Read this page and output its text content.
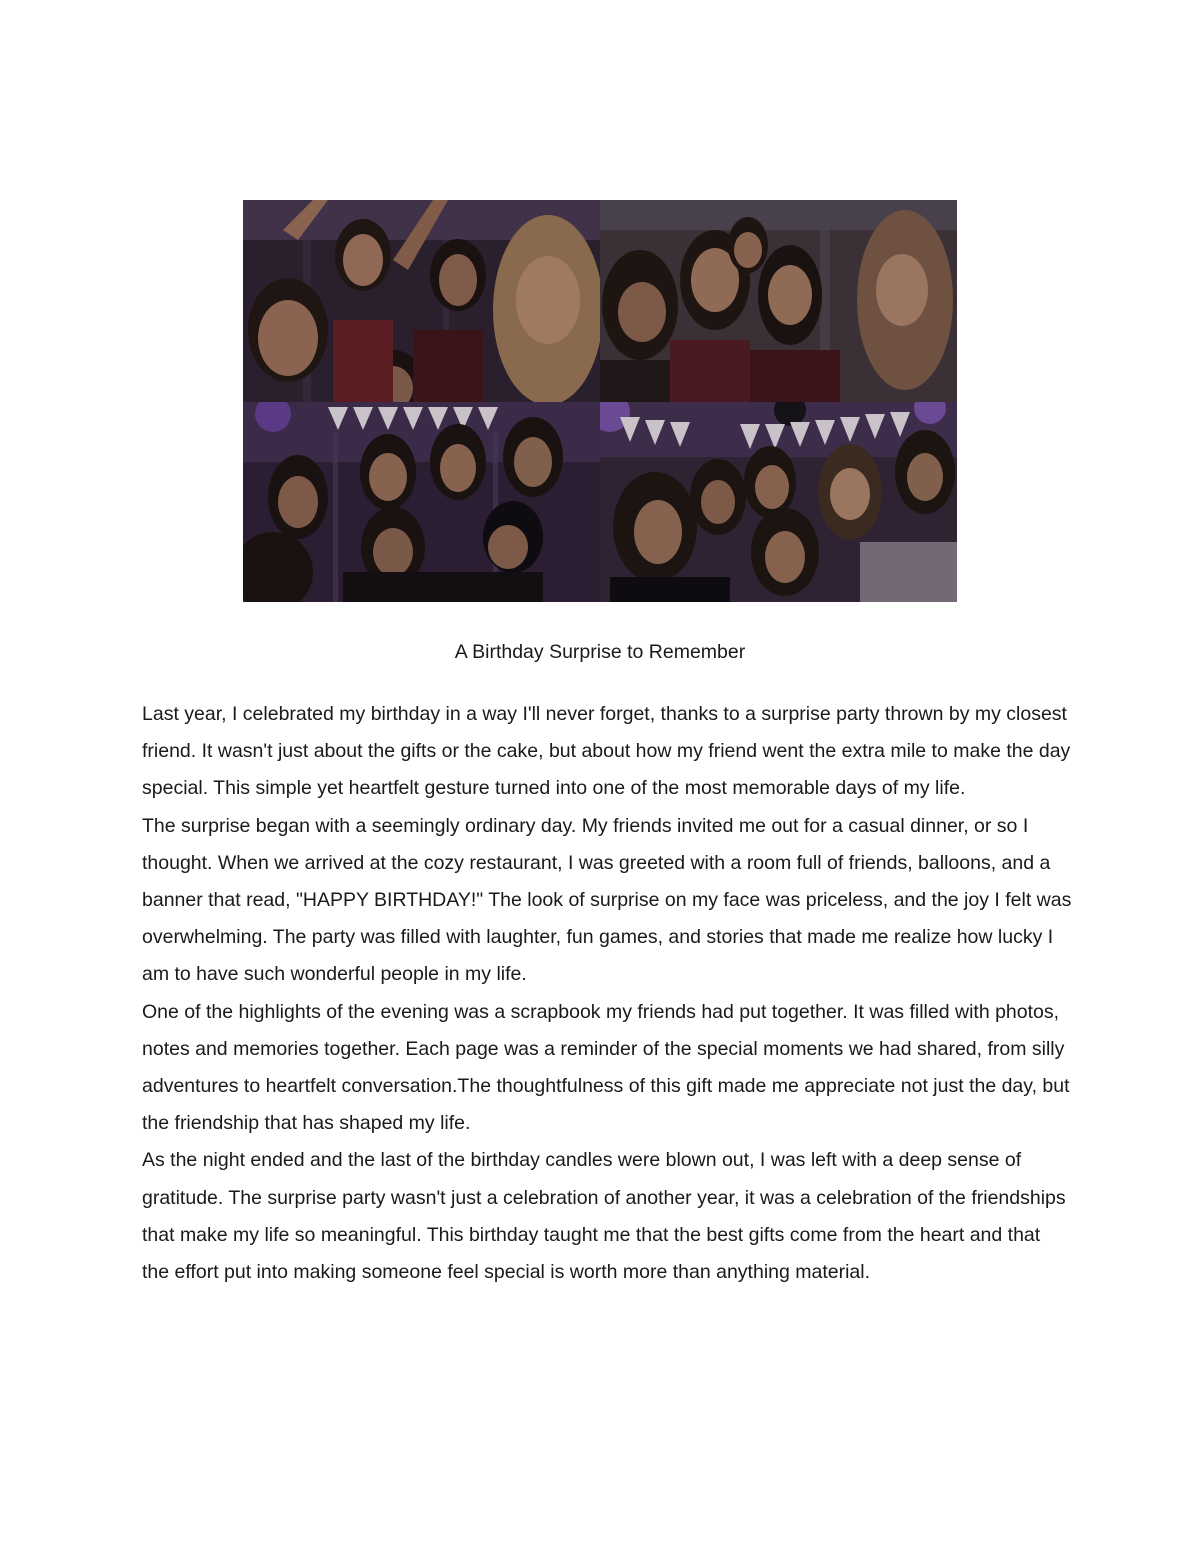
A Birthday Surprise to Remember

Last year, I celebrated my birthday in a way I'll never forget, thanks to a surprise party thrown by my closest friend. It wasn't just about the gifts or the cake, but about how my friend went the extra mile to make the day special. This simple yet heartfelt gesture turned into one of the most memorable days of my life.

The surprise began with a seemingly ordinary day. My friends invited me out for a casual dinner, or so I thought. When we arrived at the cozy restaurant, I was greeted with a room full of friends, balloons, and a banner that read, "HAPPY BIRTHDAY!" The look of surprise on my face was priceless, and the joy I felt was overwhelming. The party was filled with laughter, fun games, and stories that made me realize how lucky I am to have such wonderful people in my life.

One of the highlights of the evening was a scrapbook my friends had put together. It was filled with photos, notes and memories together. Each page was a reminder of the special moments we had shared, from silly adventures to heartfelt conversation.The thoughtfulness of this gift made me appreciate not just the day, but the friendship that has shaped my life.

As the night ended and the last of the birthday candles were blown out, I was left with a deep sense of gratitude. The surprise party wasn't just a celebration of another year, it was a celebration of the friendships that make my life so meaningful. This birthday taught me that the best gifts come from the heart and that the effort put into making someone feel special is worth more than anything material.
